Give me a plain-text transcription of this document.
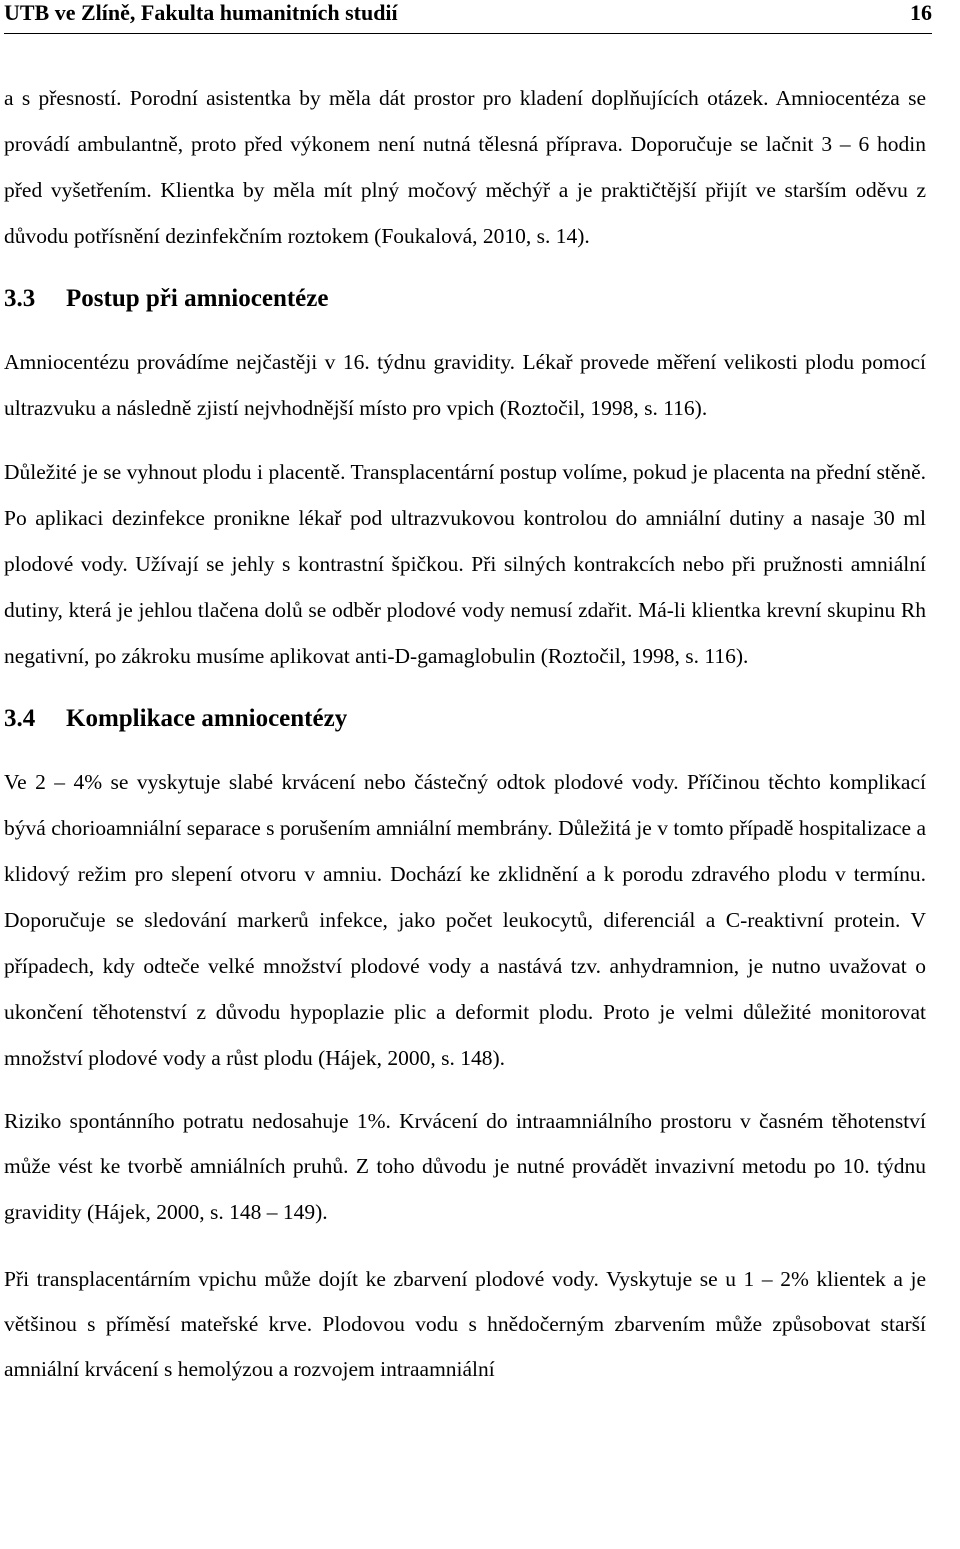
UTB ve Zlíně, Fakulta humanitních studií	16

a s přesností. Porodní asistentka by měla dát prostor pro kladení doplňujících otázek. Amniocentéza se provádí ambulantně, proto před výkonem není nutná tělesná příprava. Doporučuje se lačnit 3 – 6 hodin před vyšetřením. Klientka by měla mít plný močový měchýř a je praktičtější přijít ve starším oděvu z důvodu potřísnění dezinfekčním roztokem (Foukalová, 2010, s. 14).

3.3 Postup při amniocentéze

Amniocentézu provádíme nejčastěji v 16. týdnu gravidity. Lékař provede měření velikosti plodu pomocí ultrazvuku a následně zjistí nejvhodnější místo pro vpich (Roztočil, 1998, s. 116).

Důležité je se vyhnout plodu i placentě. Transplacentární postup volíme, pokud je placenta na přední stěně. Po aplikaci dezinfekce pronikne lékař pod ultrazvukovou kontrolou do amniální dutiny a nasaje 30 ml plodové vody. Užívají se jehly s kontrastní špičkou. Při silných kontrakcích nebo při pružnosti amniální dutiny, která je jehlou tlačena dolů se odběr plodové vody nemusí zdařit. Má-li klientka krevní skupinu Rh negativní, po zákroku musíme aplikovat anti-D-gamaglobulin (Roztočil, 1998, s. 116).

3.4 Komplikace amniocentézy

Ve 2 – 4% se vyskytuje slabé krvácení nebo částečný odtok plodové vody. Příčinou těchto komplikací bývá chorioamniální separace s porušením amniální membrány. Důležitá je v tomto případě hospitalizace a klidový režim pro slepení otvoru v amniu. Dochází ke zklidnění a k porodu zdravého plodu v termínu. Doporučuje se sledování markerů infekce, jako počet leukocytů, diferenciál a C-reaktivní protein. V případech, kdy odteče velké množství plodové vody a nastává tzv. anhydramnion, je nutno uvažovat o ukončení těhotenství z důvodu hypoplazie plic a deformit plodu. Proto je velmi důležité monitorovat množství plodové vody a růst plodu (Hájek, 2000, s. 148).

Riziko spontánního potratu nedosahuje 1%. Krvácení do intraamniálního prostoru v časném těhotenství může vést ke tvorbě amniálních pruhů. Z toho důvodu je nutné provádět invazivní metodu po 10. týdnu gravidity (Hájek, 2000, s. 148 – 149).

Při transplacentárním vpichu může dojít ke zbarvení plodové vody. Vyskytuje se u 1 – 2% klientek a je většinou s příměsí mateřské krve. Plodovou vodu s hnědočerným zbarvením může způsobovat starší amniální krvácení s hemolýzou a rozvojem intraamniální
